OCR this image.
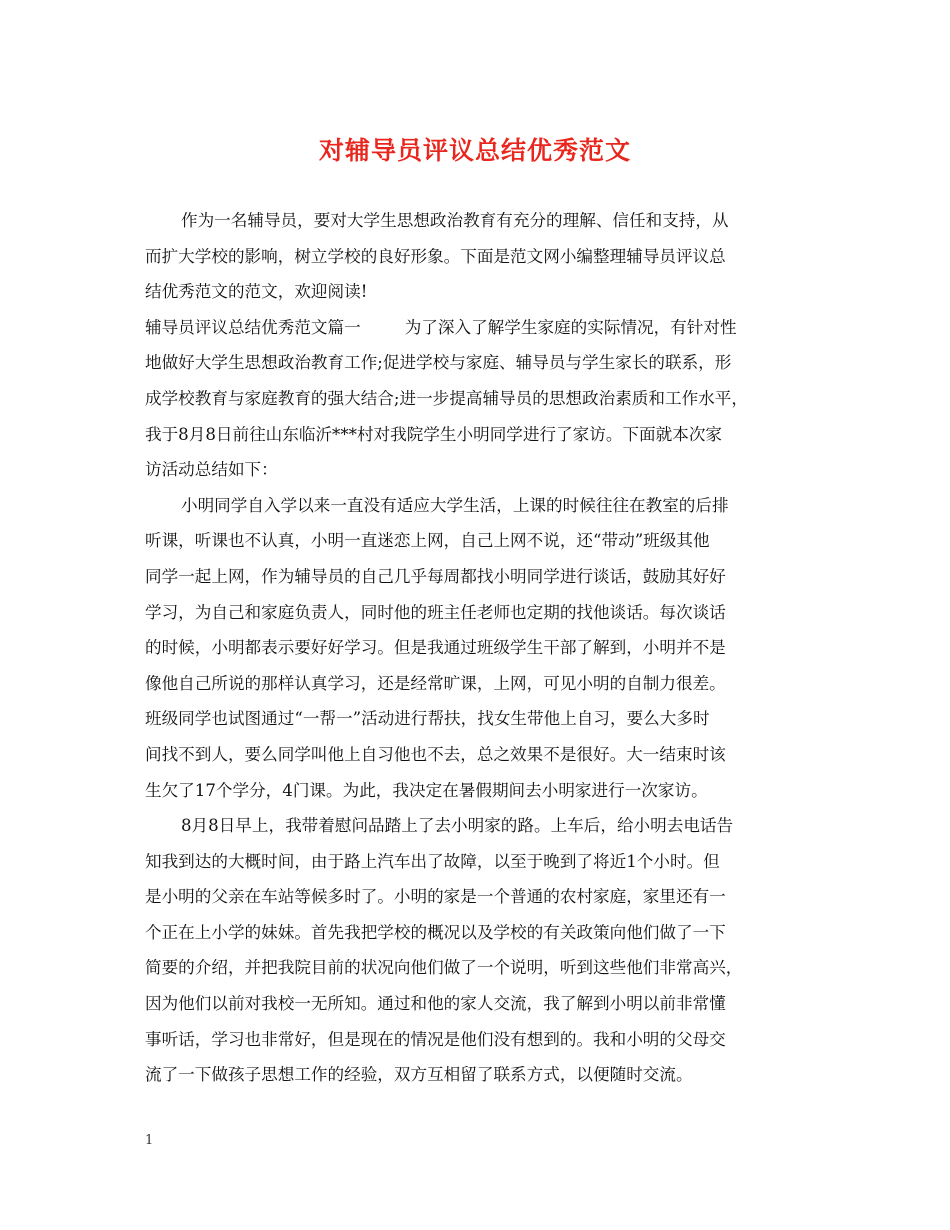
对辅导员评议总结优秀范文

作为一名辅导员，要对大学生思想政治教育有充分的理解、信任和支持，从
而扩大学校的影响，树立学校的良好形象。下面是范文网小编整理辅导员评议总
结优秀范文的范文，欢迎阅读!

辅导员评议总结优秀范文篇一	为了深入了解学生家庭的实际情况，有针对性
地做好大学生思想政治教育工作;促进学校与家庭、辅导员与学生家长的联系，形
成学校教育与家庭教育的强大结合;进一步提高辅导员的思想政治素质和工作水平，
我于8月8日前往山东临沂***村对我院学生小明同学进行了家访。下面就本次家
访活动总结如下：

小明同学自入学以来一直没有适应大学生活，上课的时候往往在教室的后排
听课，听课也不认真，小明一直迷恋上网，自己上网不说，还“带动”班级其他
同学一起上网，作为辅导员的自己几乎每周都找小明同学进行谈话，鼓励其好好
学习，为自己和家庭负责人，同时他的班主任老师也定期的找他谈话。每次谈话
的时候，小明都表示要好好学习。但是我通过班级学生干部了解到，小明并不是
像他自己所说的那样认真学习，还是经常旷课，上网，可见小明的自制力很差。
班级同学也试图通过“一帮一”活动进行帮扶，找女生带他上自习，要么大多时
间找不到人，要么同学叫他上自习他也不去，总之效果不是很好。大一结束时该
生欠了17个学分，4门课。为此，我决定在暑假期间去小明家进行一次家访。

8月8日早上，我带着慰问品踏上了去小明家的路。上车后，给小明去电话告
知我到达的大概时间，由于路上汽车出了故障，以至于晚到了将近1个小时。但
是小明的父亲在车站等候多时了。小明的家是一个普通的农村家庭，家里还有一
个正在上小学的妹妹。首先我把学校的概况以及学校的有关政策向他们做了一下
简要的介绍，并把我院目前的状况向他们做了一个说明，听到这些他们非常高兴，
因为他们以前对我校一无所知。通过和他的家人交流，我了解到小明以前非常懂
事听话，学习也非常好，但是现在的情况是他们没有想到的。我和小明的父母交
流了一下做孩子思想工作的经验，双方互相留了联系方式，以便随时交流。

1
